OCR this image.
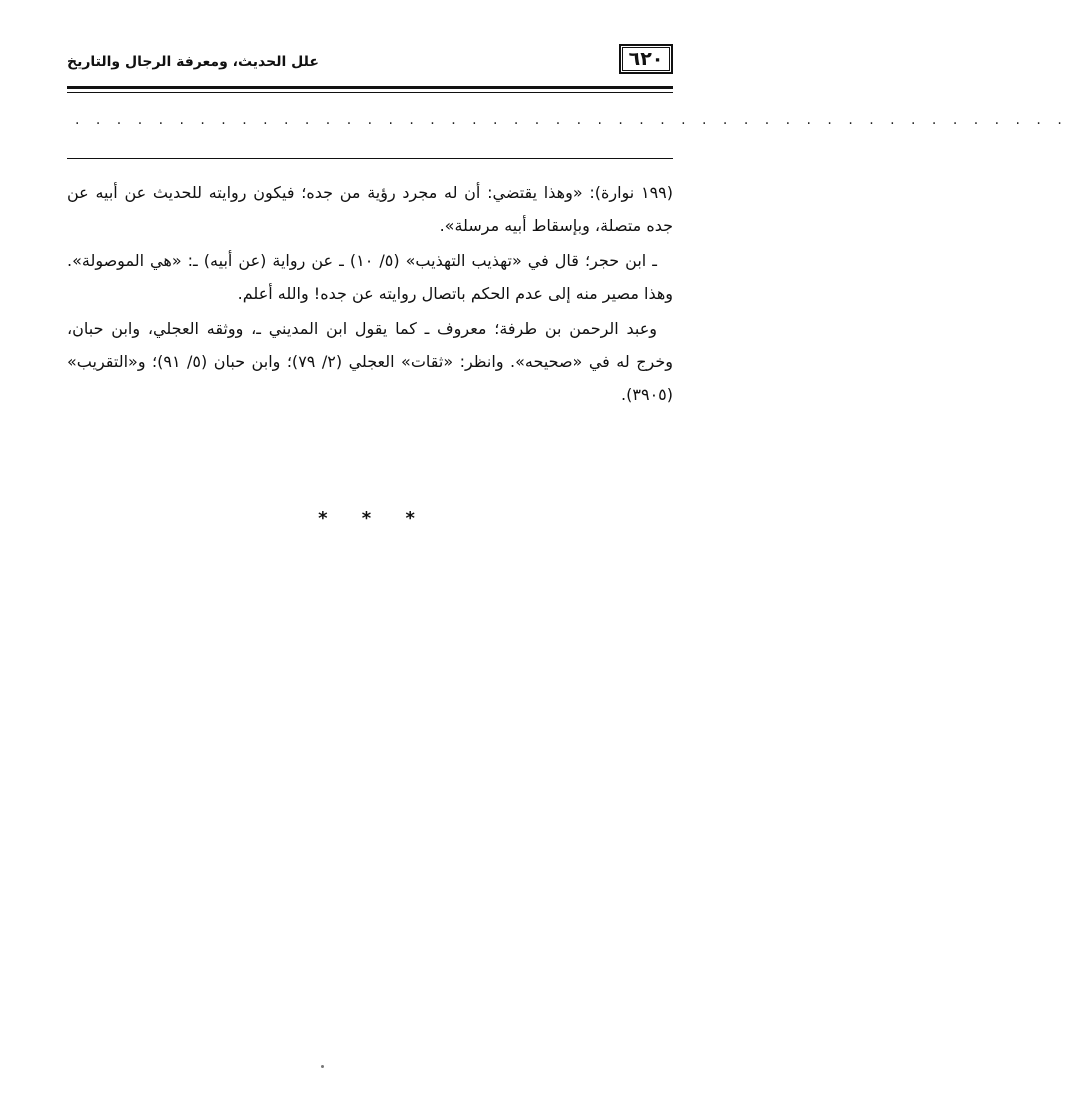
٦٢٠
علل الحديث، ومعرفة الرجال والتاريخ
. . . . . . . . . . . . . . . . . . . . . . . . . . . . . . . . . . . . . . . . . . . . . . . .

(١٩٩ نوارة): «وهذا يقتضي: أن له مجرد رؤية من جده؛ فيكون روايته للحديث عن أبيه عن جده متصلة، وبإسقاط أبيه مرسلة».

ـ ابن حجر؛ قال في «تهذيب التهذيب» (٥/ ١٠) ـ عن رواية (عن أبيه) ـ: «هي الموصولة». وهذا مصير منه إلى عدم الحكم باتصال روايته عن جده! والله أعلم.

وعبد الرحمن بن طرفة؛ معروف ـ كما يقول ابن المديني ـ، ووثقه العجلي، وابن حبان، وخرج له في «صحيحه». وانظر: «ثقات» العجلي (٢/ ٧٩)؛ وابن حبان (٥/ ٩١)؛ و«التقريب» (٣٩٠٥).

* * *
